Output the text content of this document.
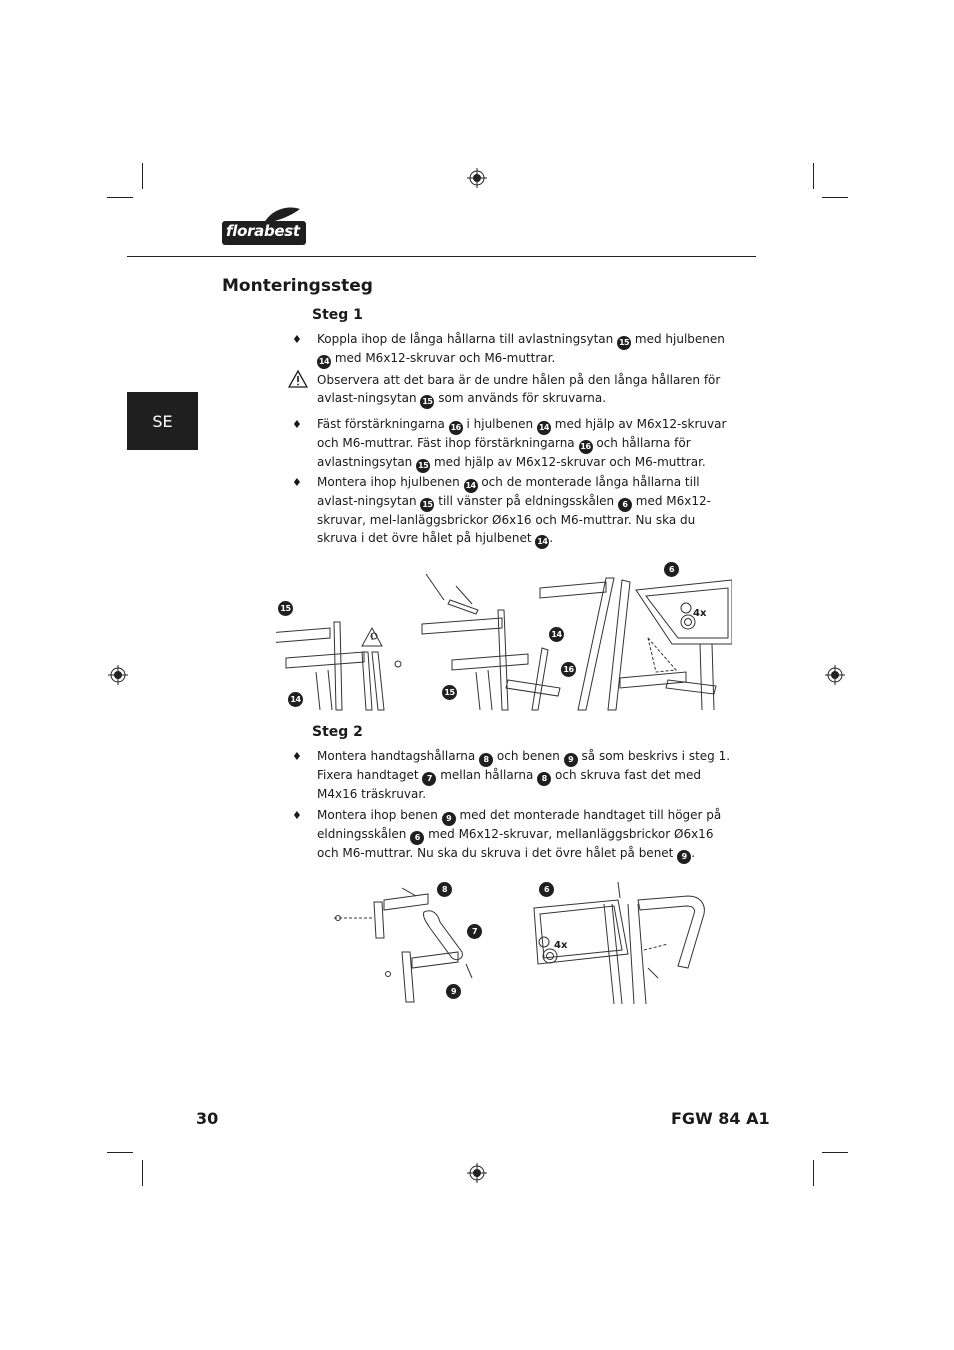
florabest
SE
Monteringssteg
Steg 1
♦ Koppla ihop de långa hållarna till avlastningsytan 15 med hjulbenen 14 med M6x12-skruvar och M6-muttrar.

Observera att det bara är de undre hålen på den långa hållaren för avlast-ningsytan 15 som används för skruvarna.

♦ Fäst förstärkningarna 16 i hjulbenen 14 med hjälp av M6x12-skruvar och M6-muttrar. Fäst ihop förstärkningarna 16 och hållarna för avlastningsytan 15 med hjälp av M6x12-skruvar och M6-muttrar.

♦ Montera ihop hjulbenen 14 och de monterade långa hållarna till avlast-ningsytan 15 till vänster på eldningsskålen 6 med M6x12-skruvar, mel-lanläggsbrickor Ø6x16 och M6-muttrar. Nu ska du skruva i det övre hålet på hjulbenet 14 .

4x
15
14
14
16
15
6
Steg 2
♦ Montera handtagshållarna 8 och benen 9 så som beskrivs i steg 1. Fixera handtaget 7 mellan hållarna 8 och skruva fast det med M4x16 träskruvar.

♦ Montera ihop benen 9 med det monterade handtaget till höger på eldningsskålen 6 med M6x12-skruvar, mellanläggsbrickor Ø6x16 och M6-muttrar. Nu ska du skruva i det övre hålet på benet 9 .

4x
8
7
9
6
30	FGW 84 A1
